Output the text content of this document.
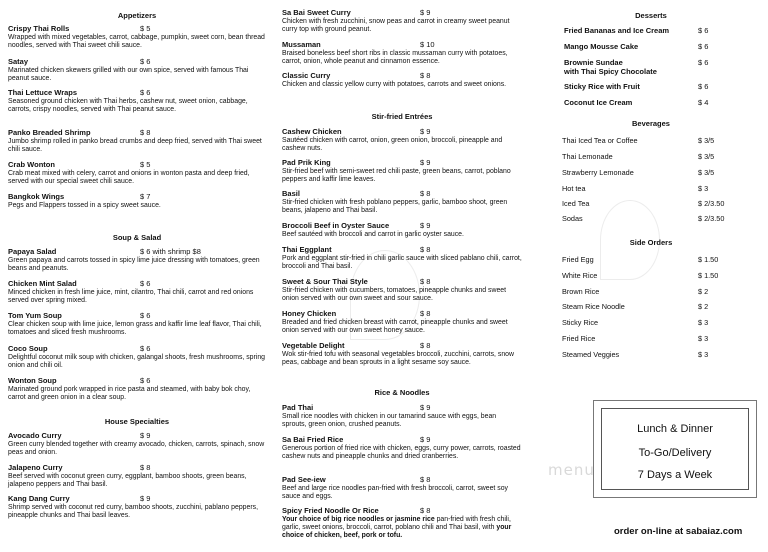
Appetizers
Crispy Thai Rolls	$ 5
Wrapped with mixed vegetables, carrot, cabbage, pumpkin, sweet corn, bean thread noodles, served with Thai sweet chili sauce.
Satay	$ 6
Marinated chicken skewers grilled with our own spice, served with famous Thai peanut sauce.
Thai Lettuce Wraps	$ 6
Seasoned ground chicken with Thai herbs, cashew nut, sweet onion, cabbage, carrots, crispy noodles, served with Thai peanut sauce.
Panko Breaded Shrimp	$ 8
Jumbo shrimp rolled in panko bread crumbs and deep fried, served with Thai sweet chili sauce.
Crab Wonton	$ 5
Crab meat mixed with celery, carrot and onions in wonton pasta and deep fried, served with our special sweet chili sauce.
Bangkok Wings	$ 7
Pegs and Flappers tossed in a spicy sweet sauce.
Soup & Salad
Papaya Salad	$ 6 with shrimp $8
Green papaya and carrots tossed in spicy lime juice dressing with tomatoes, green beans and peanuts.
Chicken Mint Salad	$ 6
Minced chicken in fresh lime juice, mint, cilantro, Thai chili, carrot and red onions served over spring mixed.
Tom Yum Soup	$ 6
Clear chicken soup with lime juice, lemon grass and kaffir lime leaf flavor, Thai chili, tomatoes and sliced fresh mushrooms.
Coco Soup	$ 6
Delightful coconut milk soup with chicken, galangal shoots, fresh mushrooms, spring onion and chili oil.
Wonton Soup	$ 6
Marinated ground pork wrapped in rice pasta and steamed, with baby bok choy, carrot and green onion in a clear soup.
House Specialties
Avocado Curry	$ 9
Green curry blended together with creamy avocado, chicken, carrots, spinach, snow peas and onion.
Jalapeno Curry	$ 8
Beef served with coconut green curry, eggplant, bamboo shoots, green beans, jalapeno peppers and Thai basil.
Kang Dang Curry	$ 9
Shrimp served with coconut red curry, bamboo shoots, zucchini, pablano peppers, pineapple chunks and Thai basil leaves.
Sa Bai Sweet Curry	$ 9
Chicken with fresh zucchini, snow peas and carrot in creamy sweet peanut curry top with ground peanut.
Mussaman	$ 10
Braised boneless beef short ribs in classic mussaman curry with potatoes, carrot, onion, whole peanut and cinnamon essence.
Classic Curry	$ 8
Chicken and classic yellow curry with potatoes, carrots and sweet onions.
Stir-fried Entrées
Cashew Chicken	$ 9
Sautéed chicken with carrot, onion, green onion, broccoli, pineapple and cashew nuts.
Pad Prik King	$ 9
Stir-fried beef with semi-sweet red chili paste, green beans, carrot, poblano peppers and kaffir lime leaves.
Basil	$ 8
Stir-fried chicken with fresh poblano peppers, garlic, bamboo shoot, green beans, jalapeno and Thai basil.
Broccoli Beef in Oyster Sauce	$ 9
Beef sautéed with broccoli and carrot in garlic oyster sauce.
Thai Eggplant	$ 8
Pork and eggplant stir-fried in chili garlic sauce with sliced pablano chili, carrot, broccoli and Thai basil.
Sweet & Sour Thai Style	$ 8
Stir-fried chicken with cucumbers, tomatoes, pineapple chunks and sweet onion served with our own sweet and sour sauce.
Honey Chicken	$ 8
Breaded and fried chicken breast with carrot, pineapple chunks and sweet onion served with our own sweet honey sauce.
Vegetable Delight	$ 8
Wok stir-fried tofu with seasonal vegetables broccoli, zucchini, carrots, snow peas, cabbage and bean sprouts in a light sesame soy sauce.
Rice & Noodles
Pad Thai	$ 9
Small rice noodles with chicken in our tamarind sauce with eggs, bean sprouts, green onion, crushed peanuts.
Sa Bai Fried Rice	$ 9
Generous portion of fried rice with chicken, eggs, curry power, carrots, roasted cashew nuts and pineapple chunks and dried cranberries.
Pad See-iew	$ 8
Beef and large rice noodles pan-fried with fresh broccoli, carrot, sweet soy sauce and eggs.
Spicy Fried Noodle Or Rice	$ 8
Your choice of big rice noodles or jasmine rice pan-fried with fresh chili, garlic, sweet onions, broccoli, carrot, poblano chili and Thai basil, with your choice of chicken, beef, pork or tofu.
Desserts
Fried Bananas and Ice Cream	$ 6
Mango Mousse Cake	$ 6
Brownie Sundae
with Thai Spicy Chocolate
$ 6
Sticky Rice with Fruit	$ 6
Coconut Ice Cream	$ 4
Beverages
Thai Iced Tea or Coffee	$ 3/5
Thai Lemonade	$ 3/5
Strawberry Lemonade	$ 3/5
Hot tea	$ 3
Iced Tea	$ 2/3.50
Sodas	$ 2/3.50
Side Orders
Fried Egg	$ 1.50
White Rice	$ 1.50
Brown Rice	$ 2
Steam Rice Noodle	$ 2
Sticky Rice	$ 3
Fried Rice	$ 3
Steamed Veggies	$ 3
Lunch & Dinner
To-Go/Delivery
7 Days a Week
menu
order on-line at sabaiaz.com
